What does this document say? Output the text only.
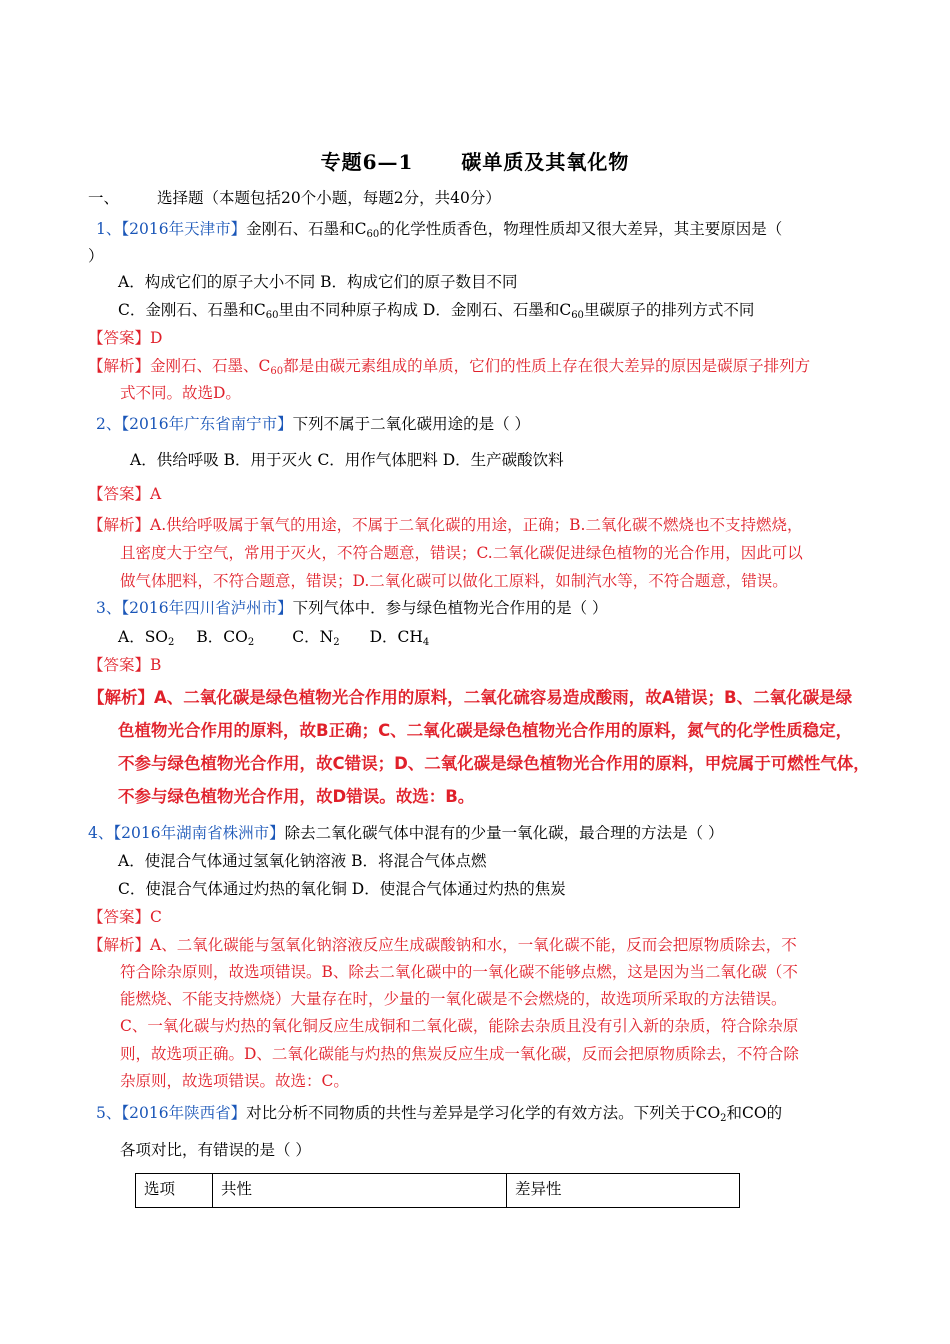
专题6—1 碳单质及其氧化物
一、 选择题（本题包括20个小题，每题2分，共40分）
1、【2016年天津市】金刚石、石墨和$C_{60}$的化学性质香色，物理性质却又很大差异，其主要原因是（
）
A．构成它们的原子大小不同 B．构成它们的原子数目不同
C．金刚石、石墨和$C_{60}$里由不同种原子构成 D．金刚石、石墨和$C_{60}$里碳原子的排列方式不同
【答案】D
【解析】金刚石、石墨、$C_{60}$都是由碳元素组成的单质，它们的性质上存在很大差异的原因是碳原子排列方
式不同。故选D。
2、【2016年广东省南宁市】下列不属于二氧化碳用途的是（ ）
A．供给呼吸 B．用于灭火 C．用作气体肥料 D．生产碳酸饮料
【答案】A
【解析】A.供给呼吸属于氧气的用途，不属于二氧化碳的用途，正确；B.二氧化碳不燃烧也不支持燃烧，
且密度大于空气，常用于灭火，不符合题意，错误；C.二氧化碳促进绿色植物的光合作用，因此可以
做气体肥料，不符合题意，错误；D.二氧化碳可以做化工原料，如制汽水等，不符合题意，错误。
3、【2016年四川省泸州市】下列气体中．参与绿色植物光合作用的是（ ）
A．$SO_2$ B．$CO_2$ C．$N_2$ D．$CH_4$
【答案】B
【解析】A、二氧化碳是绿色植物光合作用的原料，二氧化硫容易造成酸雨，故A错误；B、二氧化碳是绿
色植物光合作用的原料，故B正确；C、二氧化碳是绿色植物光合作用的原料，氮气的化学性质稳定，
不参与绿色植物光合作用，故C错误；D、二氧化碳是绿色植物光合作用的原料，甲烷属于可燃性气体，
不参与绿色植物光合作用，故D错误。故选：B。
4、【2016年湖南省株洲市】除去二氧化碳气体中混有的少量一氧化碳，最合理的方法是（ ）
A．使混合气体通过氢氧化钠溶液 B．将混合气体点燃
C．使混合气体通过灼热的氧化铜 D．使混合气体通过灼热的焦炭
【答案】C
【解析】A、二氧化碳能与氢氧化钠溶液反应生成碳酸钠和水，一氧化碳不能，反而会把原物质除去，不
符合除杂原则，故选项错误。B、除去二氧化碳中的一氧化碳不能够点燃，这是因为当二氧化碳（不
能燃烧、不能支持燃烧）大量存在时，少量的一氧化碳是不会燃烧的，故选项所采取的方法错误。
C、一氧化碳与灼热的氧化铜反应生成铜和二氧化碳，能除去杂质且没有引入新的杂质，符合除杂原
则，故选项正确。D、二氧化碳能与灼热的焦炭反应生成一氧化碳，反而会把原物质除去，不符合除
杂原则，故选项错误。故选：C。
5、【2016年陕西省】对比分析不同物质的共性与差异是学习化学的有效方法。下列关于$CO_2$和CO的
各项对比，有错误的是（ ）
选项	共性	差异性
